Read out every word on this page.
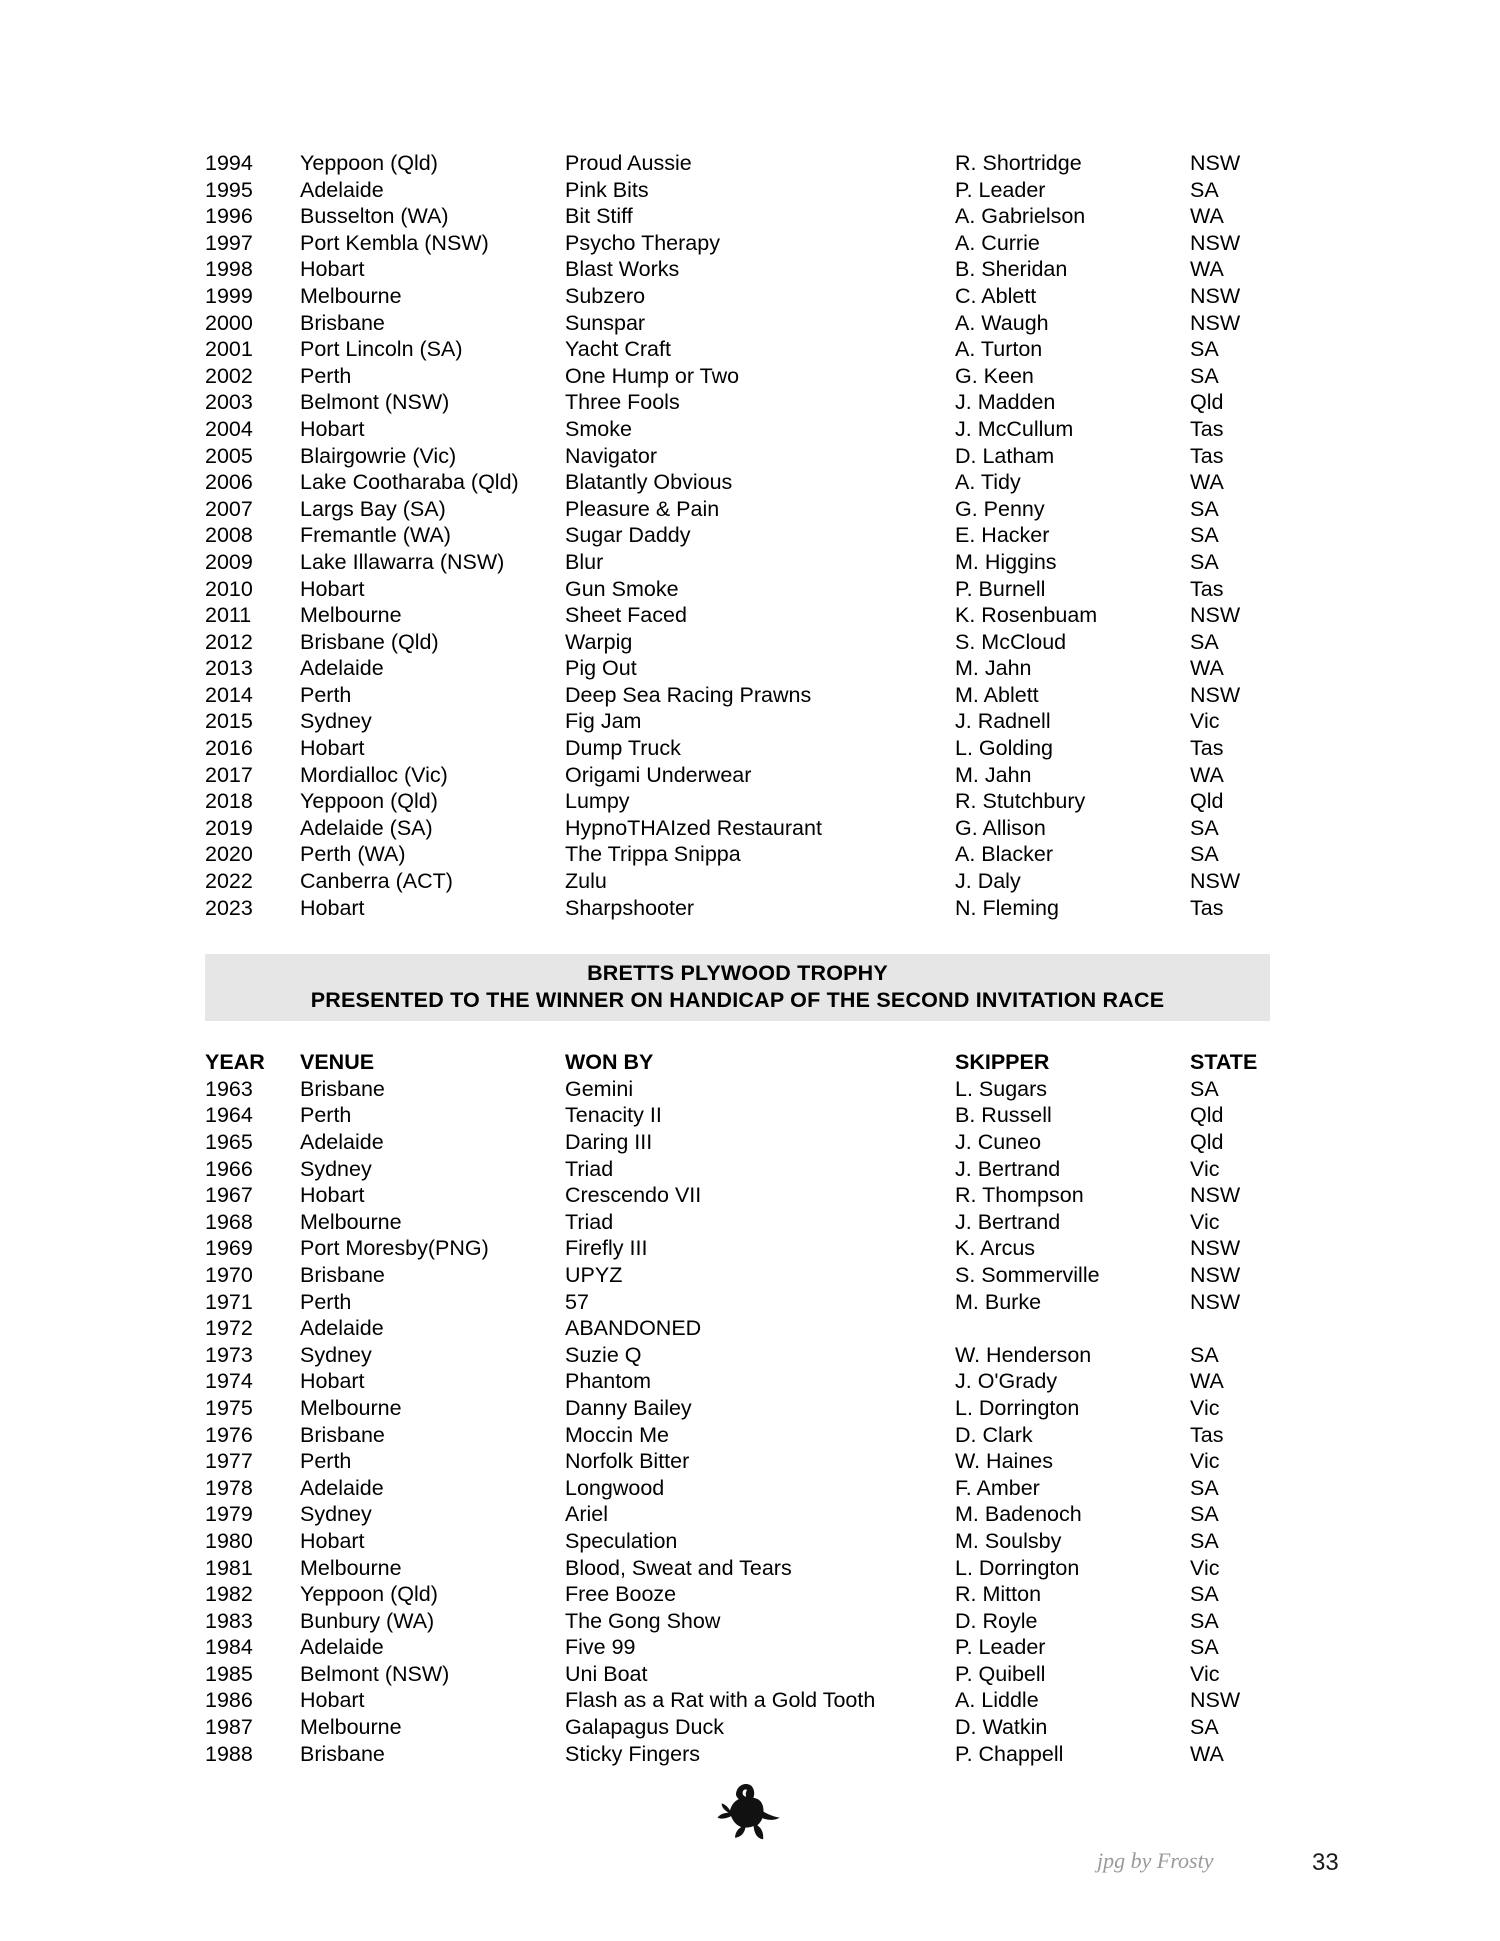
1994	Yeppoon (Qld)	Proud Aussie	R. Shortridge	NSW
1995	Adelaide	Pink Bits	P. Leader	SA
1996	Busselton (WA)	Bit Stiff	A. Gabrielson	WA
1997	Port Kembla (NSW)	Psycho Therapy	A. Currie	NSW
1998	Hobart	Blast Works	B. Sheridan	WA
1999	Melbourne	Subzero	C. Ablett	NSW
2000	Brisbane	Sunspar	A. Waugh	NSW
2001	Port Lincoln (SA)	Yacht Craft	A. Turton	SA
2002	Perth	One Hump or Two	G. Keen	SA
2003	Belmont (NSW)	Three Fools	J. Madden	Qld
2004	Hobart	Smoke	J. McCullum	Tas
2005	Blairgowrie (Vic)	Navigator	D. Latham	Tas
2006	Lake Cootharaba (Qld)	Blatantly Obvious	A. Tidy	WA
2007	Largs Bay (SA)	Pleasure & Pain	G. Penny	SA
2008	Fremantle (WA)	Sugar Daddy	E. Hacker	SA
2009	Lake Illawarra (NSW)	Blur	M. Higgins	SA
2010	Hobart	Gun Smoke	P. Burnell	Tas
2011	Melbourne	Sheet Faced	K. Rosenbuam	NSW
2012	Brisbane (Qld)	Warpig	S. McCloud	SA
2013	Adelaide	Pig Out	M. Jahn	WA
2014	Perth	Deep Sea Racing Prawns	M. Ablett	NSW
2015	Sydney	Fig Jam	J. Radnell	Vic
2016	Hobart	Dump Truck	L. Golding	Tas
2017	Mordialloc (Vic)	Origami Underwear	M. Jahn	WA
2018	Yeppoon (Qld)	Lumpy	R. Stutchbury	Qld
2019	Adelaide (SA)	HypnoTHAIzed Restaurant	G. Allison	SA
2020	Perth (WA)	The Trippa Snippa	A. Blacker	SA
2022	Canberra (ACT)	Zulu	J. Daly	NSW
2023	Hobart	Sharpshooter	N. Fleming	Tas
BRETTS PLYWOOD TROPHY
PRESENTED TO THE WINNER ON HANDICAP OF THE SECOND INVITATION RACE
YEAR	VENUE	WON BY	SKIPPER	STATE
1963	Brisbane	Gemini	L. Sugars	SA
1964	Perth	Tenacity II	B. Russell	Qld
1965	Adelaide	Daring III	J. Cuneo	Qld
1966	Sydney	Triad	J. Bertrand	Vic
1967	Hobart	Crescendo VII	R. Thompson	NSW
1968	Melbourne	Triad	J. Bertrand	Vic
1969	Port Moresby(PNG)	Firefly III	K. Arcus	NSW
1970	Brisbane	UPYZ	S. Sommerville	NSW
1971	Perth	57	M. Burke	NSW
1972	Adelaide	ABANDONED		
1973	Sydney	Suzie Q	W. Henderson	SA
1974	Hobart	Phantom	J. O'Grady	WA
1975	Melbourne	Danny Bailey	L. Dorrington	Vic
1976	Brisbane	Moccin Me	D. Clark	Tas
1977	Perth	Norfolk Bitter	W. Haines	Vic
1978	Adelaide	Longwood	F. Amber	SA
1979	Sydney	Ariel	M. Badenoch	SA
1980	Hobart	Speculation	M. Soulsby	SA
1981	Melbourne	Blood, Sweat and Tears	L. Dorrington	Vic
1982	Yeppoon (Qld)	Free Booze	R. Mitton	SA
1983	Bunbury (WA)	The Gong Show	D. Royle	SA
1984	Adelaide	Five 99	P. Leader	SA
1985	Belmont (NSW)	Uni Boat	P. Quibell	Vic
1986	Hobart	Flash as a Rat with a Gold Tooth	A. Liddle	NSW
1987	Melbourne	Galapagus Duck	D. Watkin	SA
1988	Brisbane	Sticky Fingers	P. Chappell	WA
jpg by Frosty	33
